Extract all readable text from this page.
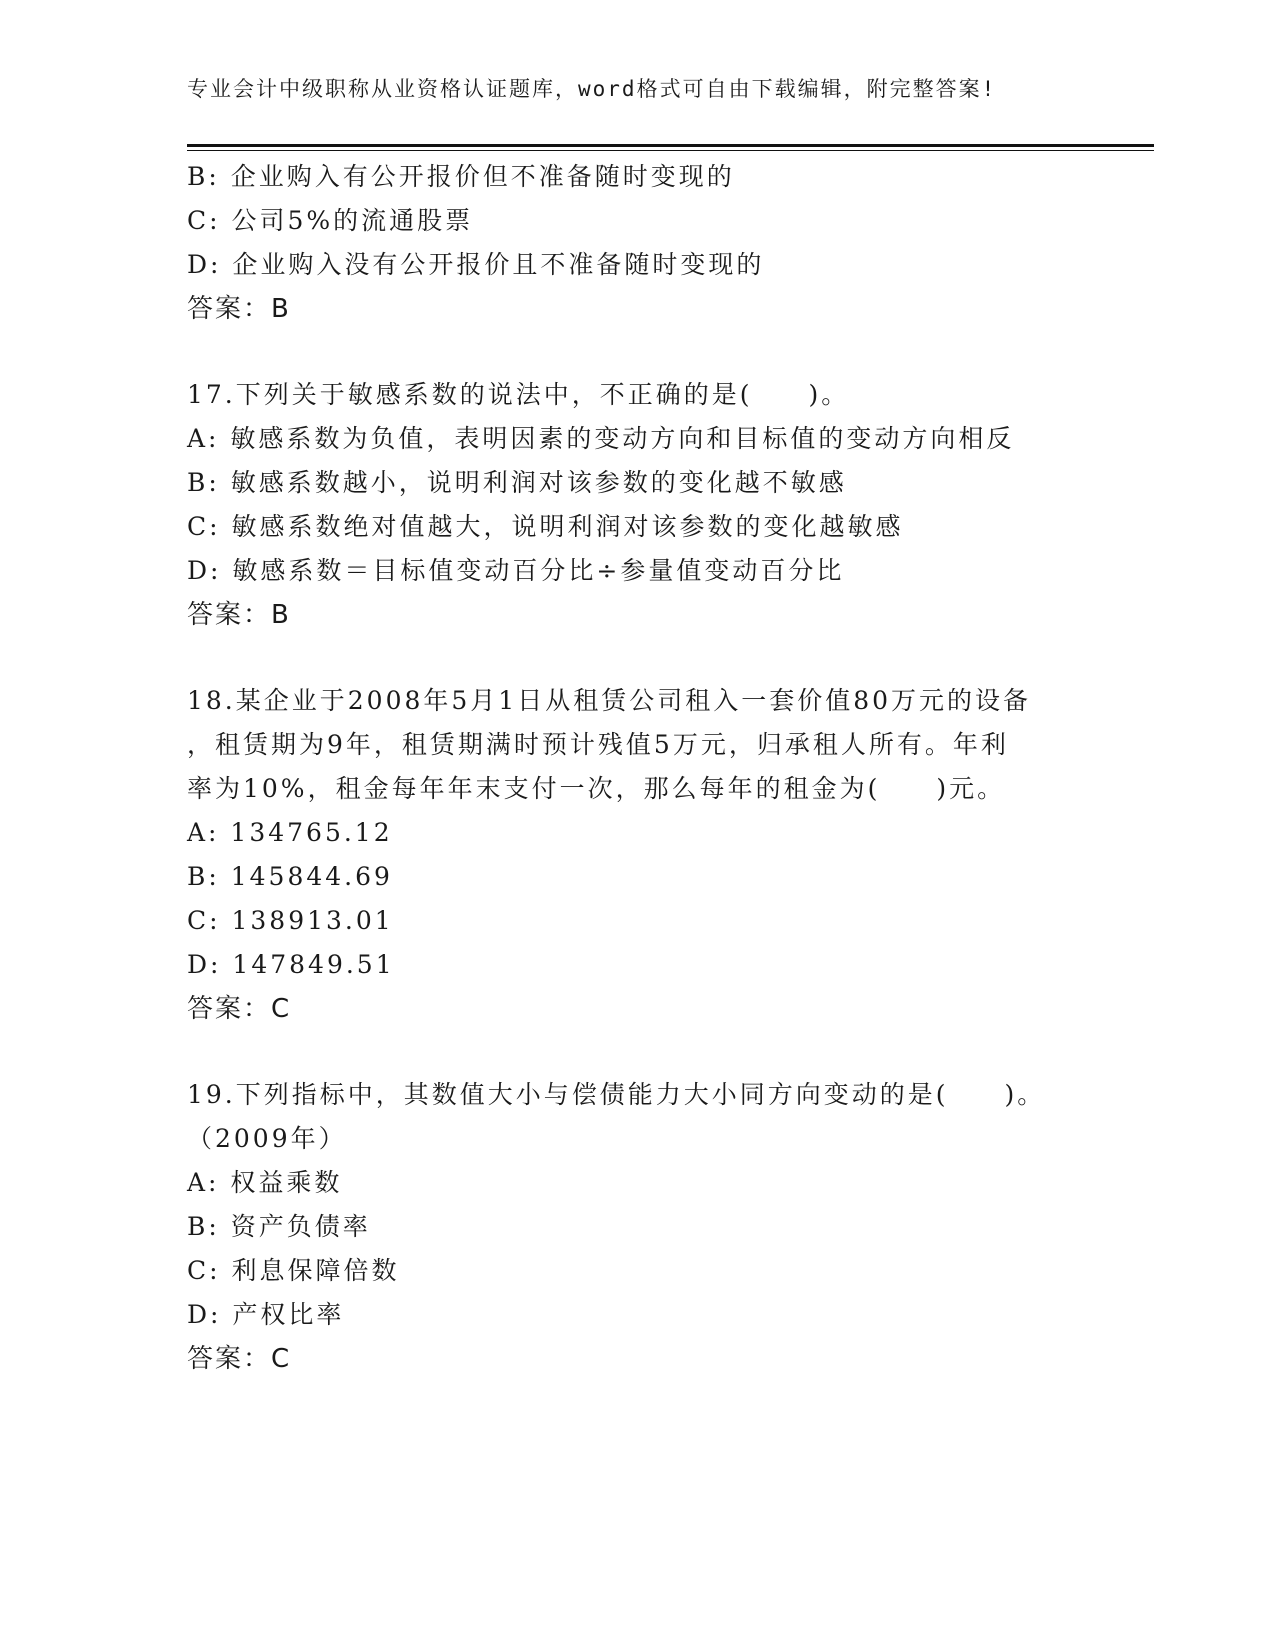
专业会计中级职称从业资格认证题库，word格式可自由下载编辑，附完整答案!
B: 企业购入有公开报价但不准备随时变现的
C: 公司5%的流通股票
D: 企业购入没有公开报价且不准备随时变现的
答案：B
17.下列关于敏感系数的说法中，不正确的是(　　)。
A: 敏感系数为负值，表明因素的变动方向和目标值的变动方向相反
B: 敏感系数越小，说明利润对该参数的变化越不敏感
C: 敏感系数绝对值越大，说明利润对该参数的变化越敏感
D: 敏感系数＝目标值变动百分比÷参量值变动百分比
答案：B
18.某企业于2008年5月1日从租赁公司租入一套价值80万元的设备
，租赁期为9年，租赁期满时预计残值5万元，归承租人所有。年利
率为10%，租金每年年末支付一次，那么每年的租金为(　　)元。
A: 134765.12
B: 145844.69
C: 138913.01
D: 147849.51
答案：C
19.下列指标中，其数值大小与偿债能力大小同方向变动的是(　　)。
（2009年）
A: 权益乘数
B: 资产负债率
C: 利息保障倍数
D: 产权比率
答案：C
